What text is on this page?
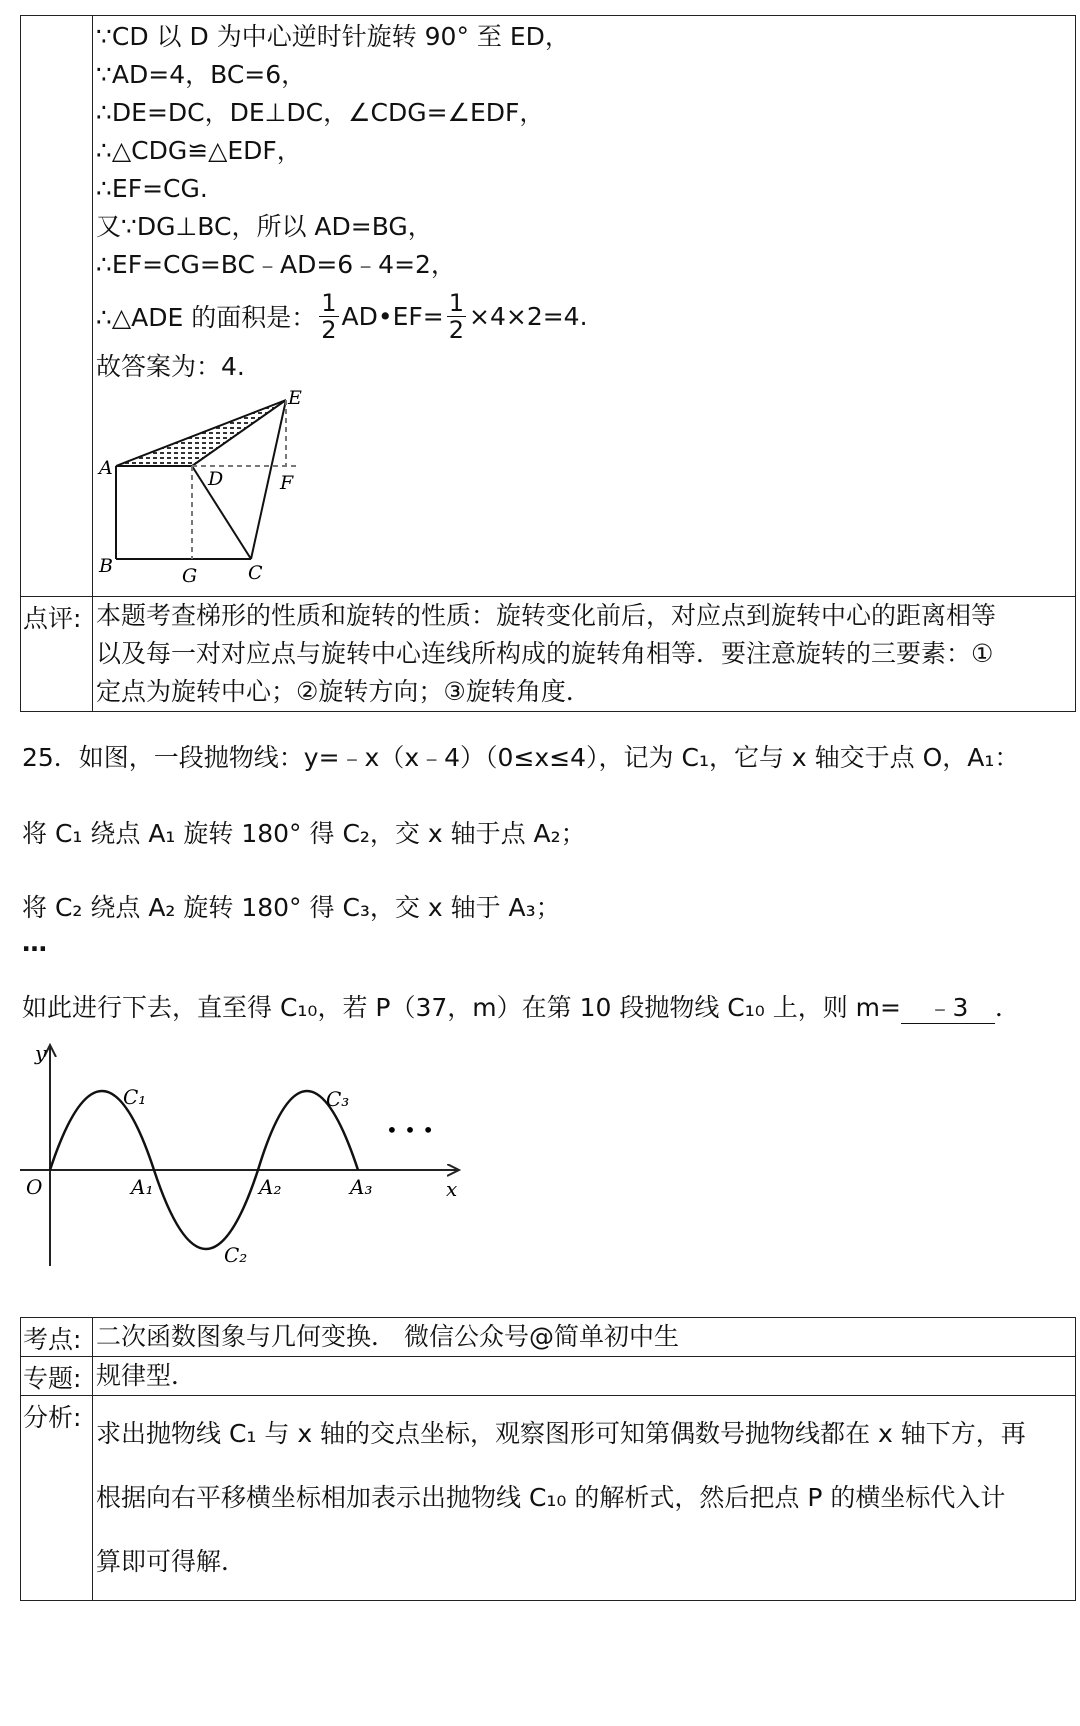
∵CD 以 D 为中心逆时针旋转 90° 至 ED，
∵AD=4，BC=6，
∴DE=DC，DE⊥DC，∠CDG=∠EDF，
∴△CDG≌△EDF，
∴EF=CG.
又∵DG⊥BC，所以 AD=BG，
∴EF=CG=BC﹣AD=6﹣4=2，
∴△ADE 的面积是： $\frac{1}{2}$ AD•EF= $\frac{1}{2} \times 4\times 2=4$.
故答案为：4.
A
B	C
D
E
F
G
点评: 本题考查梯形的性质和旋转的性质：旋转变化前后，对应点到旋转中心的距离相等
以及每一对对应点与旋转中心连线所构成的旋转角相等．要注意旋转的三要素：①
定点为旋转中心；②旋转方向；③旋转角度．
25．如图，一段抛物线：y=﹣x（x﹣4）（0≤x≤4），记为 C₁，它与 x 轴交于点 O，A₁：
将 C₁ 绕点 A₁ 旋转 180° 得 C₂，交 x 轴于点 A₂；
将 C₂ 绕点 A₂ 旋转 180° 得 C₃，交 x 轴于 A₃；
…
如此进行下去，直至得 C₁₀，若 P（37，m）在第 10 段抛物线 C₁₀ 上，则 m= ﹣3 ．
y
x
O
C₁
C₂
C₃
A₁	A₂	A₃
• • •
考点: 二次函数图象与几何变换． 微信公众号@简单初中生
专题: 规律型．
分析:
求出抛物线 C₁ 与 x 轴的交点坐标，观察图形可知第偶数号抛物线都在 x 轴下方，再
根据向右平移横坐标相加表示出抛物线 C₁₀ 的解析式，然后把点 P 的横坐标代入计
算即可得解．
